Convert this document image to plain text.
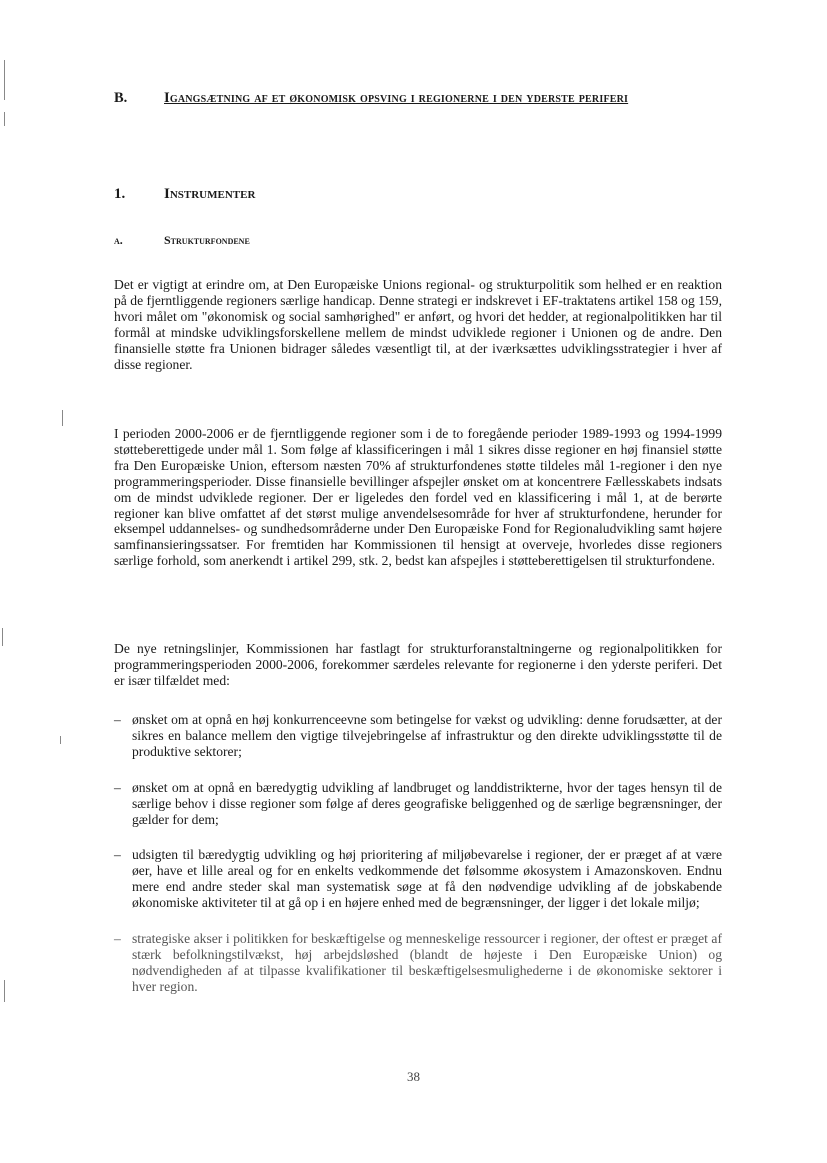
B.	Igangsætning af et økonomisk opsving i regionerne i den yderste periferi
1.	Instrumenter
a.	Strukturfondene

Det er vigtigt at erindre om, at Den Europæiske Unions regional- og strukturpolitik som helhed er en reaktion på de fjerntliggende regioners særlige handicap. Denne strategi er indskrevet i EF-traktatens artikel 158 og 159, hvori målet om "økonomisk og social samhørighed" er anført, og hvori det hedder, at regionalpolitikken har til formål at mindske udviklingsforskellene mellem de mindst udviklede regioner i Unionen og de andre. Den finansielle støtte fra Unionen bidrager således væsentligt til, at der iværksættes udviklingsstrategier i hver af disse regioner.

I perioden 2000-2006 er de fjerntliggende regioner som i de to foregående perioder 1989-1993 og 1994-1999 støtteberettigede under mål 1. Som følge af klassificeringen i mål 1 sikres disse regioner en høj finansiel støtte fra Den Europæiske Union, eftersom næsten 70% af strukturfondenes støtte tildeles mål 1-regioner i den nye programmeringsperioder. Disse finansielle bevillinger afspejler ønsket om at koncentrere Fællesskabets indsats om de mindst udviklede regioner. Der er ligeledes den fordel ved en klassificering i mål 1, at de berørte regioner kan blive omfattet af det størst mulige anvendelsesområde for hver af strukturfondene, herunder for eksempel uddannelses- og sundhedsområderne under Den Europæiske Fond for Regionaludvikling samt højere samfinansieringssatser. For fremtiden har Kommissionen til hensigt at overveje, hvorledes disse regioners særlige forhold, som anerkendt i artikel 299, stk. 2, bedst kan afspejles i støtteberettigelsen til strukturfondene.

De nye retningslinjer, Kommissionen har fastlagt for strukturforanstaltningerne og regionalpolitikken for programmeringsperioden 2000-2006, forekommer særdeles relevante for regionerne i den yderste periferi. Det er især tilfældet med:

– ønsket om at opnå en høj konkurrenceevne som betingelse for vækst og udvikling: denne forudsætter, at der sikres en balance mellem den vigtige tilvejebringelse af infrastruktur og den direkte udviklingsstøtte til de produktive sektorer;
– ønsket om at opnå en bæredygtig udvikling af landbruget og landdistrikterne, hvor der tages hensyn til de særlige behov i disse regioner som følge af deres geografiske beliggenhed og de særlige begrænsninger, der gælder for dem;
– udsigten til bæredygtig udvikling og høj prioritering af miljøbevarelse i regioner, der er præget af at være øer, have et lille areal og for en enkelts vedkommende det følsomme økosystem i Amazonskoven. Endnu mere end andre steder skal man systematisk søge at få den nødvendige udvikling af de jobskabende økonomiske aktiviteter til at gå op i en højere enhed med de begrænsninger, der ligger i det lokale miljø;
– strategiske akser i politikken for beskæftigelse og menneskelige ressourcer i regioner, der oftest er præget af stærk befolkningstilvækst, høj arbejdsløshed (blandt de højeste i Den Europæiske Union) og nødvendigheden af at tilpasse kvalifikationer til beskæftigelsesmulighederne i de økonomiske sektorer i hver region.
38
